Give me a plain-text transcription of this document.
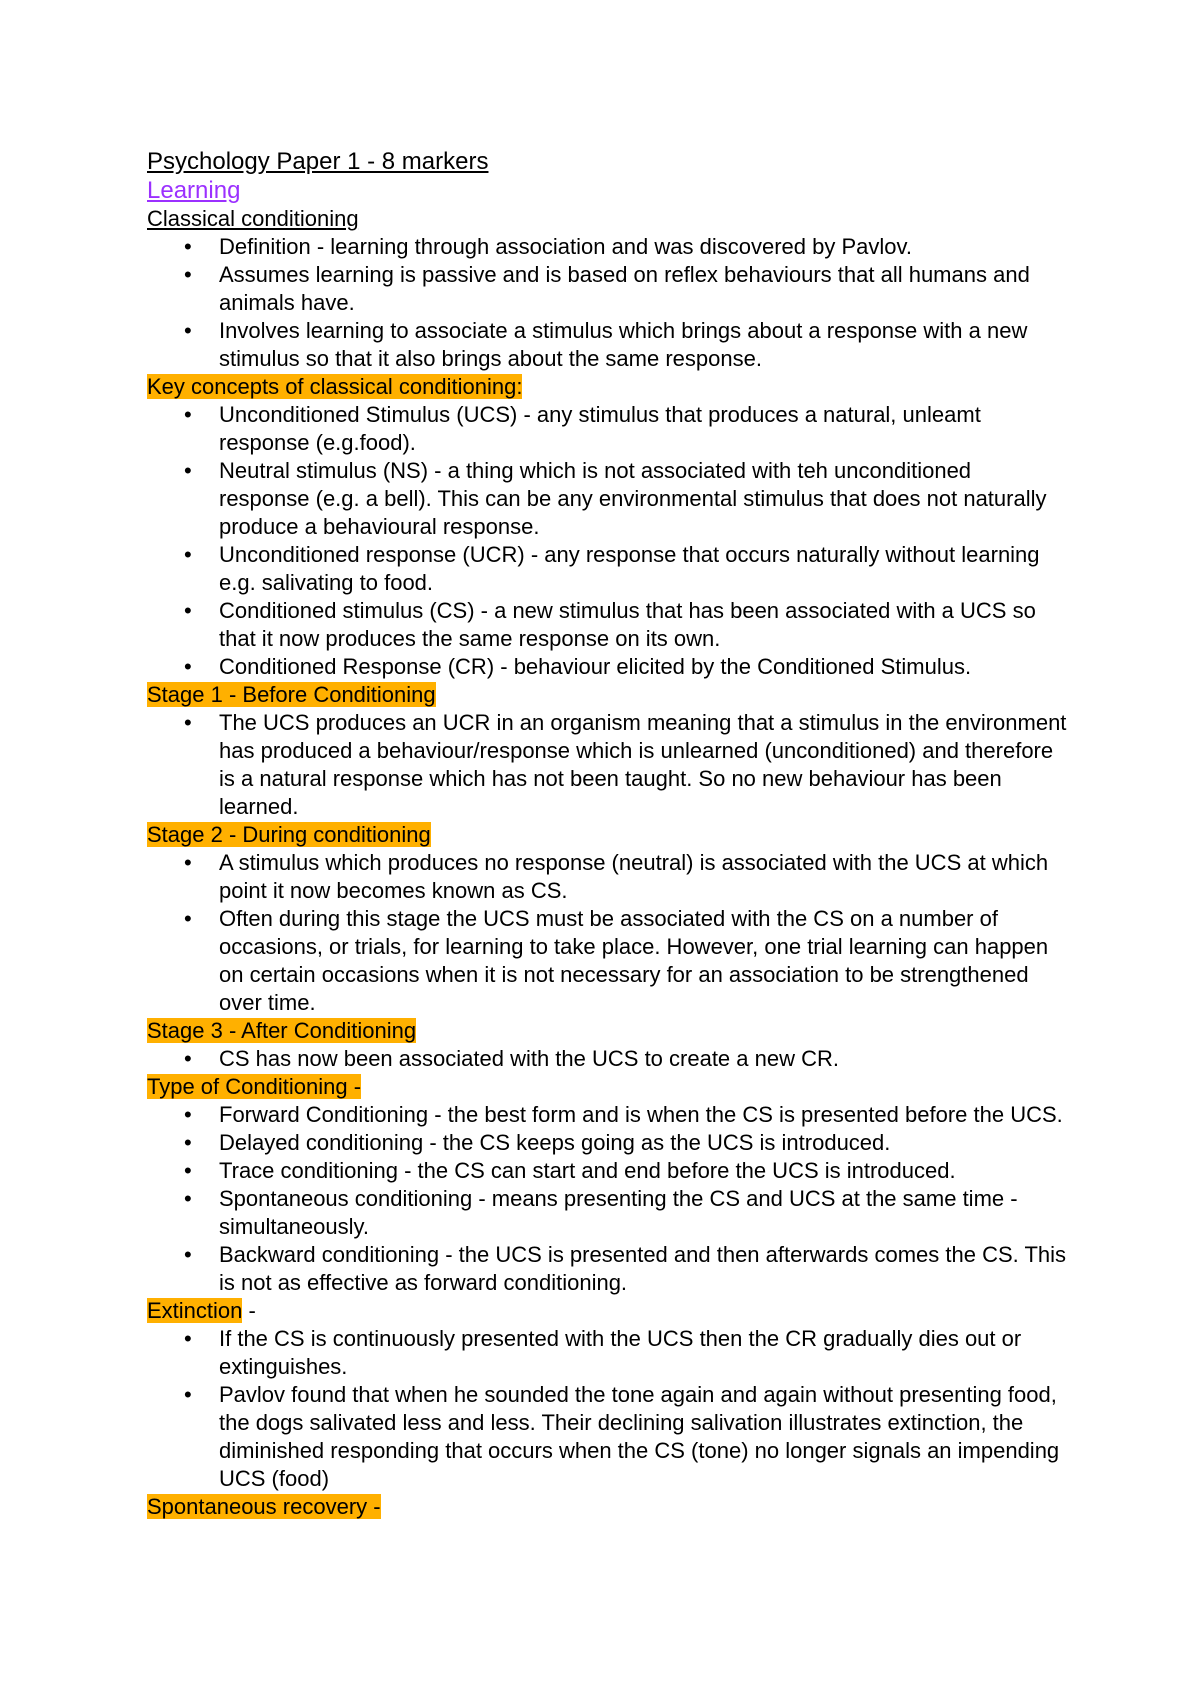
Psychology Paper 1 - 8 markers

Learning

Classical conditioning

• Definition - learning through association and was discovered by Pavlov.
• Assumes learning is passive and is based on reflex behaviours that all humans and animals have.
• Involves learning to associate a stimulus which brings about a response with a new stimulus so that it also brings about the same response.

Key concepts of classical conditioning:

• Unconditioned Stimulus (UCS) - any stimulus that produces a natural, unleamt response (e.g.food).
• Neutral stimulus (NS) - a thing which is not associated with teh unconditioned response (e.g. a bell). This can be any environmental stimulus that does not naturally produce a behavioural response.
• Unconditioned response (UCR) - any response that occurs naturally without learning e.g. salivating to food.
• Conditioned stimulus (CS) - a new stimulus that has been associated with a UCS so that it now produces the same response on its own.
• Conditioned Response (CR) - behaviour elicited by the Conditioned Stimulus.

Stage 1 - Before Conditioning

• The UCS produces an UCR in an organism meaning that a stimulus in the environment has produced a behaviour/response which is unlearned (unconditioned) and therefore is a natural response which has not been taught. So no new behaviour has been learned.

Stage 2 - During conditioning

• A stimulus which produces no response (neutral) is associated with the UCS at which point it now becomes known as CS.
• Often during this stage the UCS must be associated with the CS on a number of occasions, or trials, for learning to take place. However, one trial learning can happen on certain occasions when it is not necessary for an association to be strengthened over time.

Stage 3 - After Conditioning

• CS has now been associated with the UCS to create a new CR.

Type of Conditioning -

• Forward Conditioning - the best form and is when the CS is presented before the UCS.
• Delayed conditioning - the CS keeps going as the UCS is introduced.
• Trace conditioning - the CS can start and end before the UCS is introduced.
• Spontaneous conditioning - means presenting the CS and UCS at the same time - simultaneously.
• Backward conditioning - the UCS is presented and then afterwards comes the CS. This is not as effective as forward conditioning.

Extinction -

• If the CS is continuously presented with the UCS then the CR gradually dies out or extinguishes.
• Pavlov found that when he sounded the tone again and again without presenting food, the dogs salivated less and less. Their declining salivation illustrates extinction, the diminished responding that occurs when the CS (tone) no longer signals an impending UCS (food)

Spontaneous recovery -
